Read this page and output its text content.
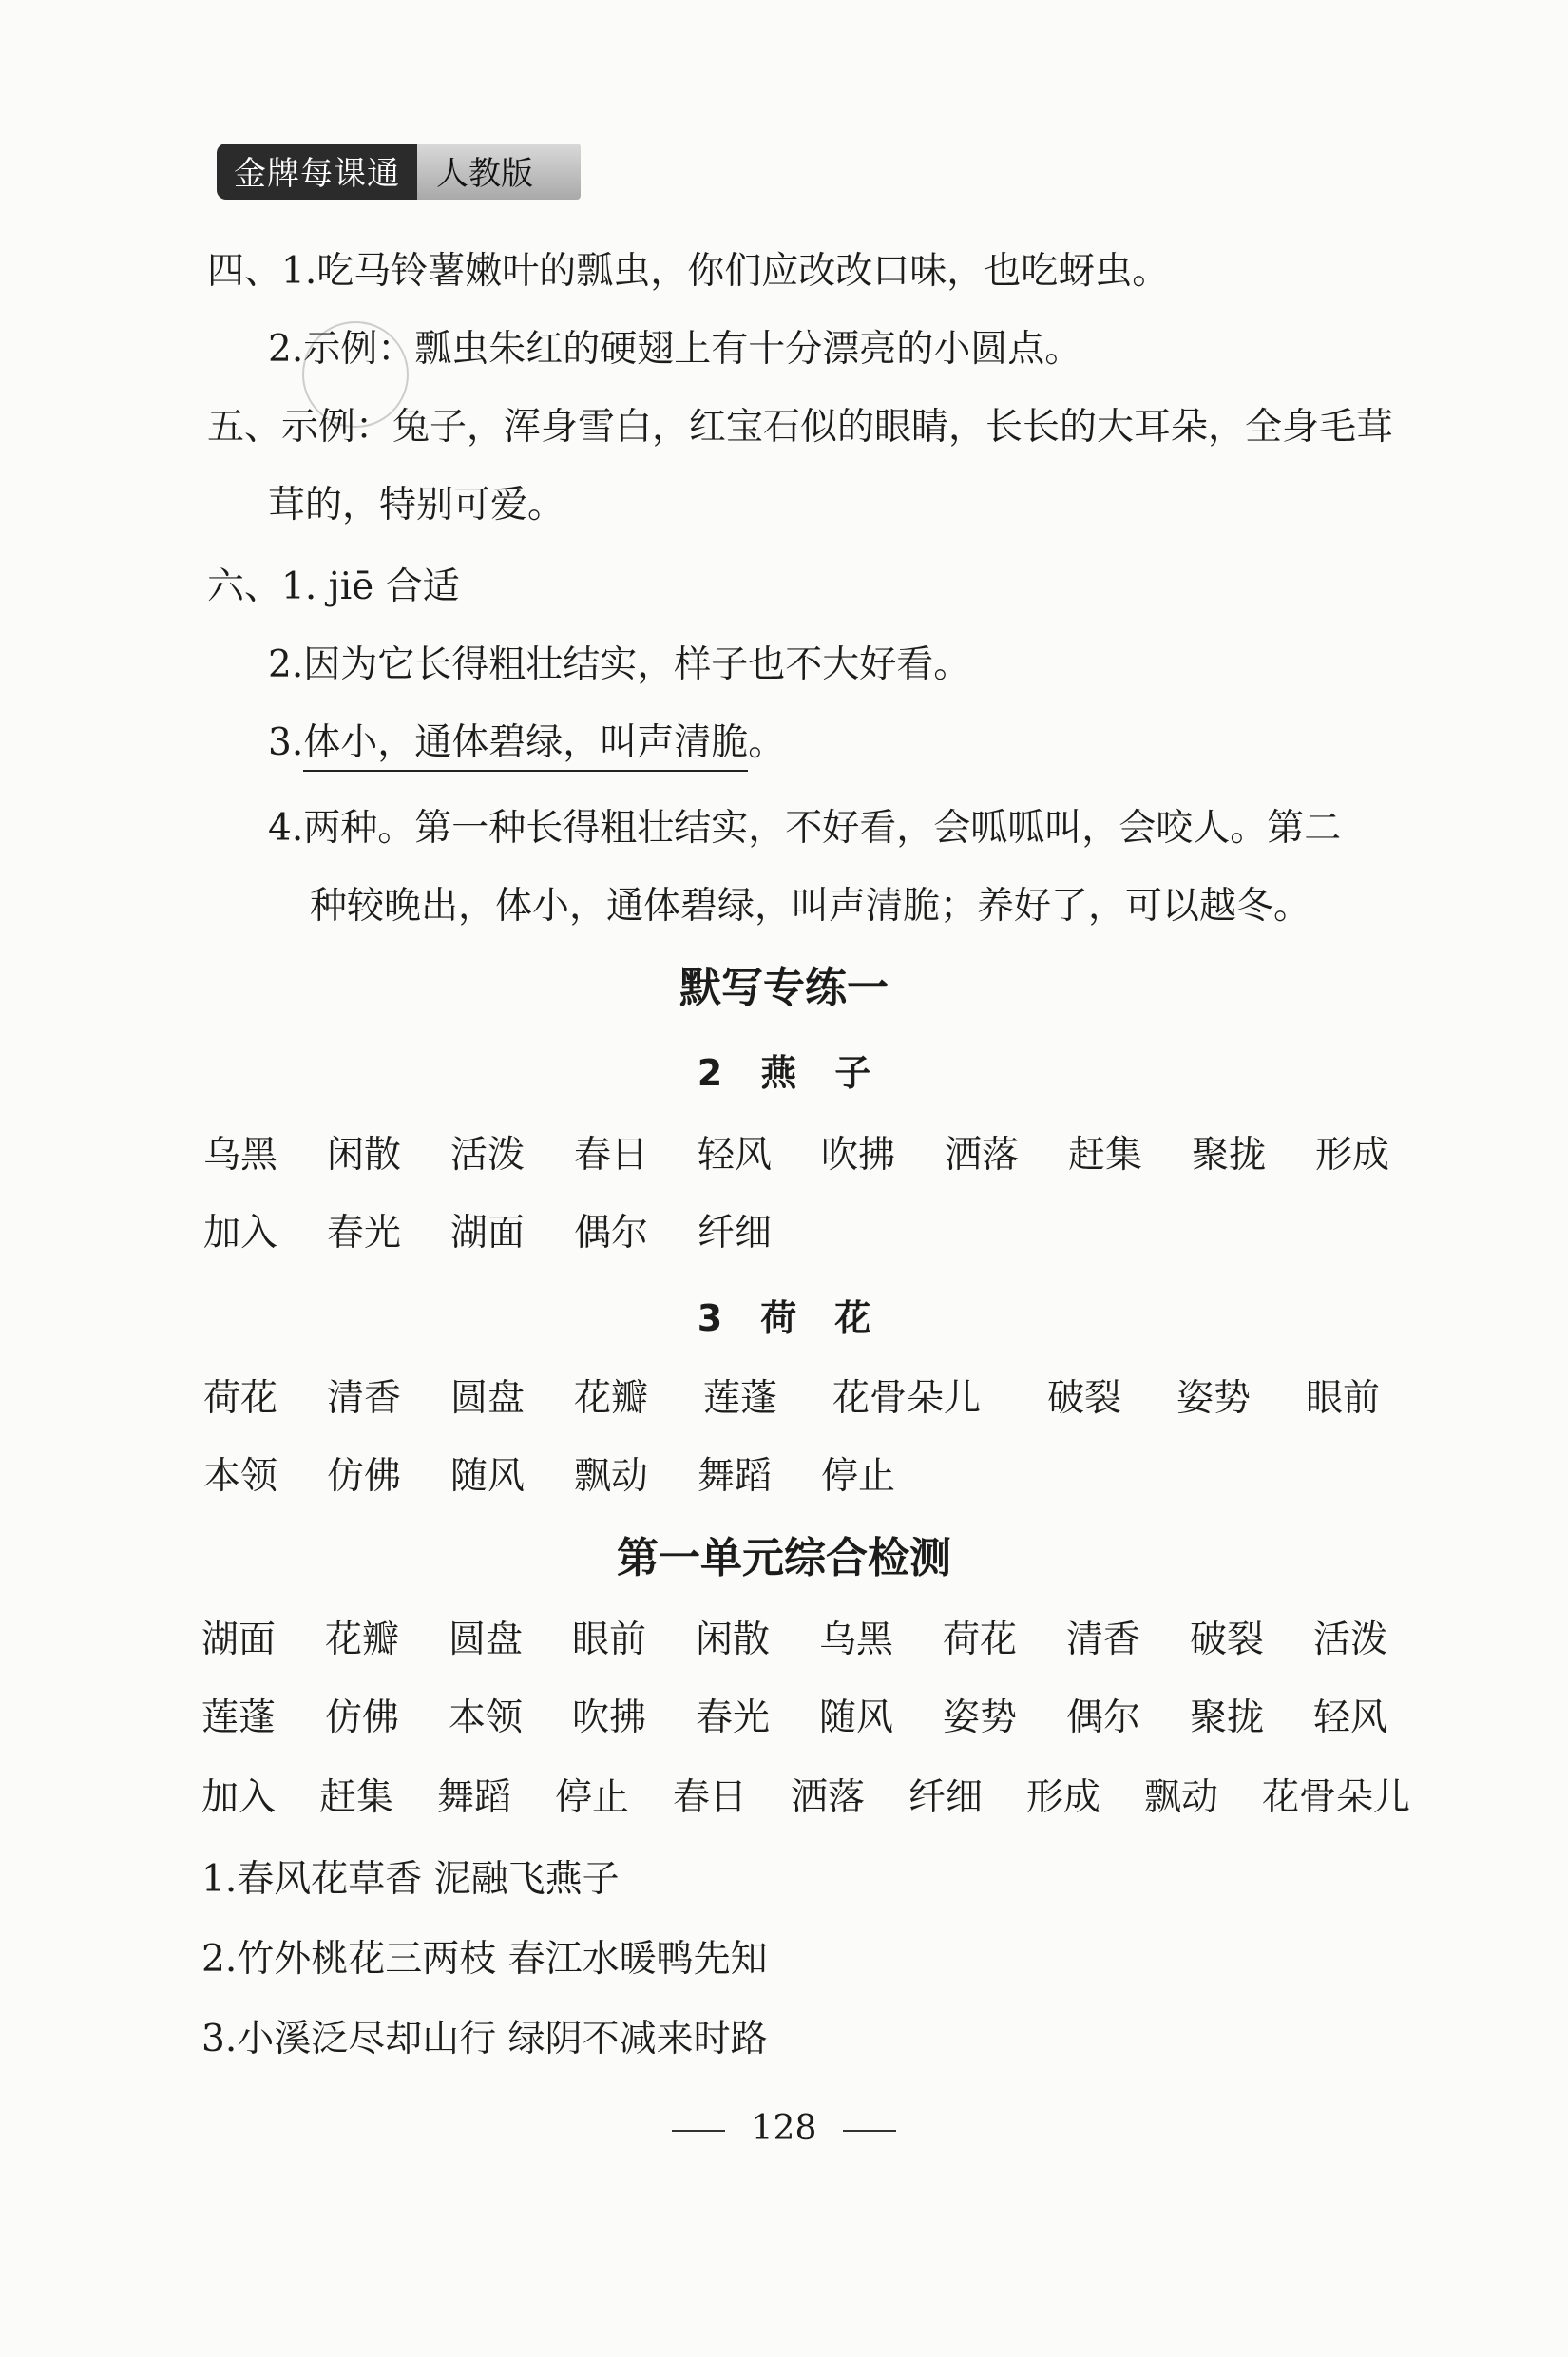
金牌每课通	人教版
四、1.吃马铃薯嫩叶的瓢虫，你们应改改口味，也吃蚜虫。
2.示例：瓢虫朱红的硬翅上有十分漂亮的小圆点。
五、示例：兔子，浑身雪白，红宝石似的眼睛，长长的大耳朵，全身毛茸
茸的，特别可爱。
六、1. jiē 合适
2.因为它长得粗壮结实，样子也不大好看。
3.体小，通体碧绿，叫声清脆。
4.两种。第一种长得粗壮结实，不好看，会呱呱叫，会咬人。第二
种较晚出，体小，通体碧绿，叫声清脆；养好了，可以越冬。
默写专练一
2 燕 子
乌黑 闲散 活泼 春日 轻风 吹拂 洒落 赶集 聚拢 形成
加入 春光 湖面 偶尔 纤细
3 荷 花
荷花 清香 圆盘 花瓣 莲蓬 花骨朵儿 破裂 姿势 眼前
本领 仿佛 随风 飘动 舞蹈 停止
第一单元综合检测
湖面 花瓣 圆盘 眼前 闲散 乌黑 荷花 清香 破裂 活泼
莲蓬 仿佛 本领 吹拂 春光 随风 姿势 偶尔 聚拢 轻风
加入 赶集 舞蹈 停止 春日 洒落 纤细 形成 飘动 花骨朵儿
1.春风花草香 泥融飞燕子
2.竹外桃花三两枝 春江水暖鸭先知
3.小溪泛尽却山行 绿阴不减来时路
128
